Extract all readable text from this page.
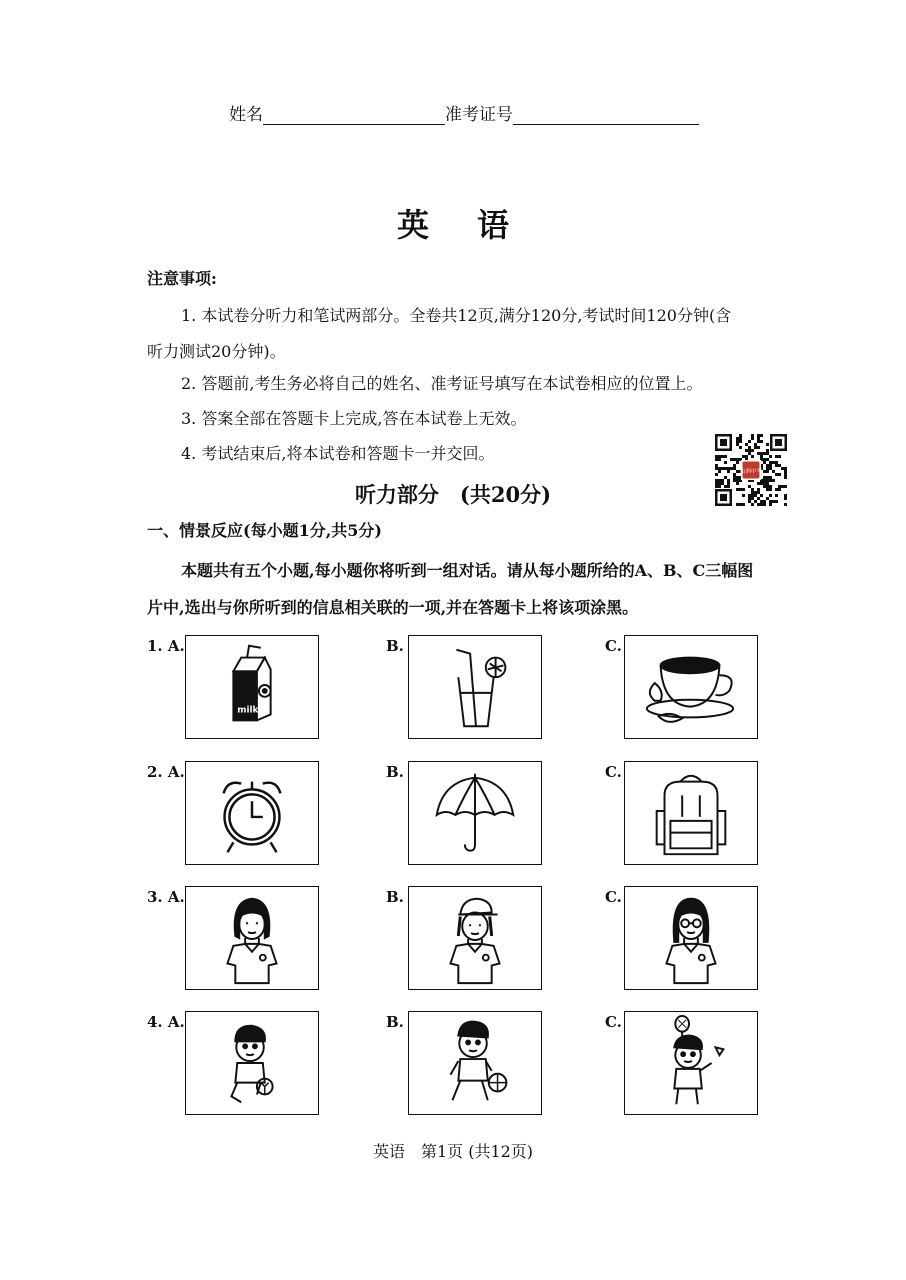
姓名	准考证号
英 语
注意事项:
1. 本试卷分听力和笔试两部分。全卷共12页,满分120分,考试时间120分钟(含
听力测试20分钟)。
2. 答题前,考生务必将自己的姓名、准考证号填写在本试卷相应的位置上。
3. 答案全部在答题卡上完成,答在本试卷上无效。
4. 考试结束后,将本试卷和答题卡一并交回。
山西中考
听力部分　(共20分)
一、情景反应(每小题1分,共5分)
本题共有五个小题,每小题你将听到一组对话。请从每小题所给的A、B、C三幅图
片中,选出与你所听到的信息相关联的一项,并在答题卡上将该项涂黑。
1. A.	B.	C.
milk
2. A.	B.	C.
3. A.	B.	C.
4. A.	B.	C.
英语　第1页 (共12页)
